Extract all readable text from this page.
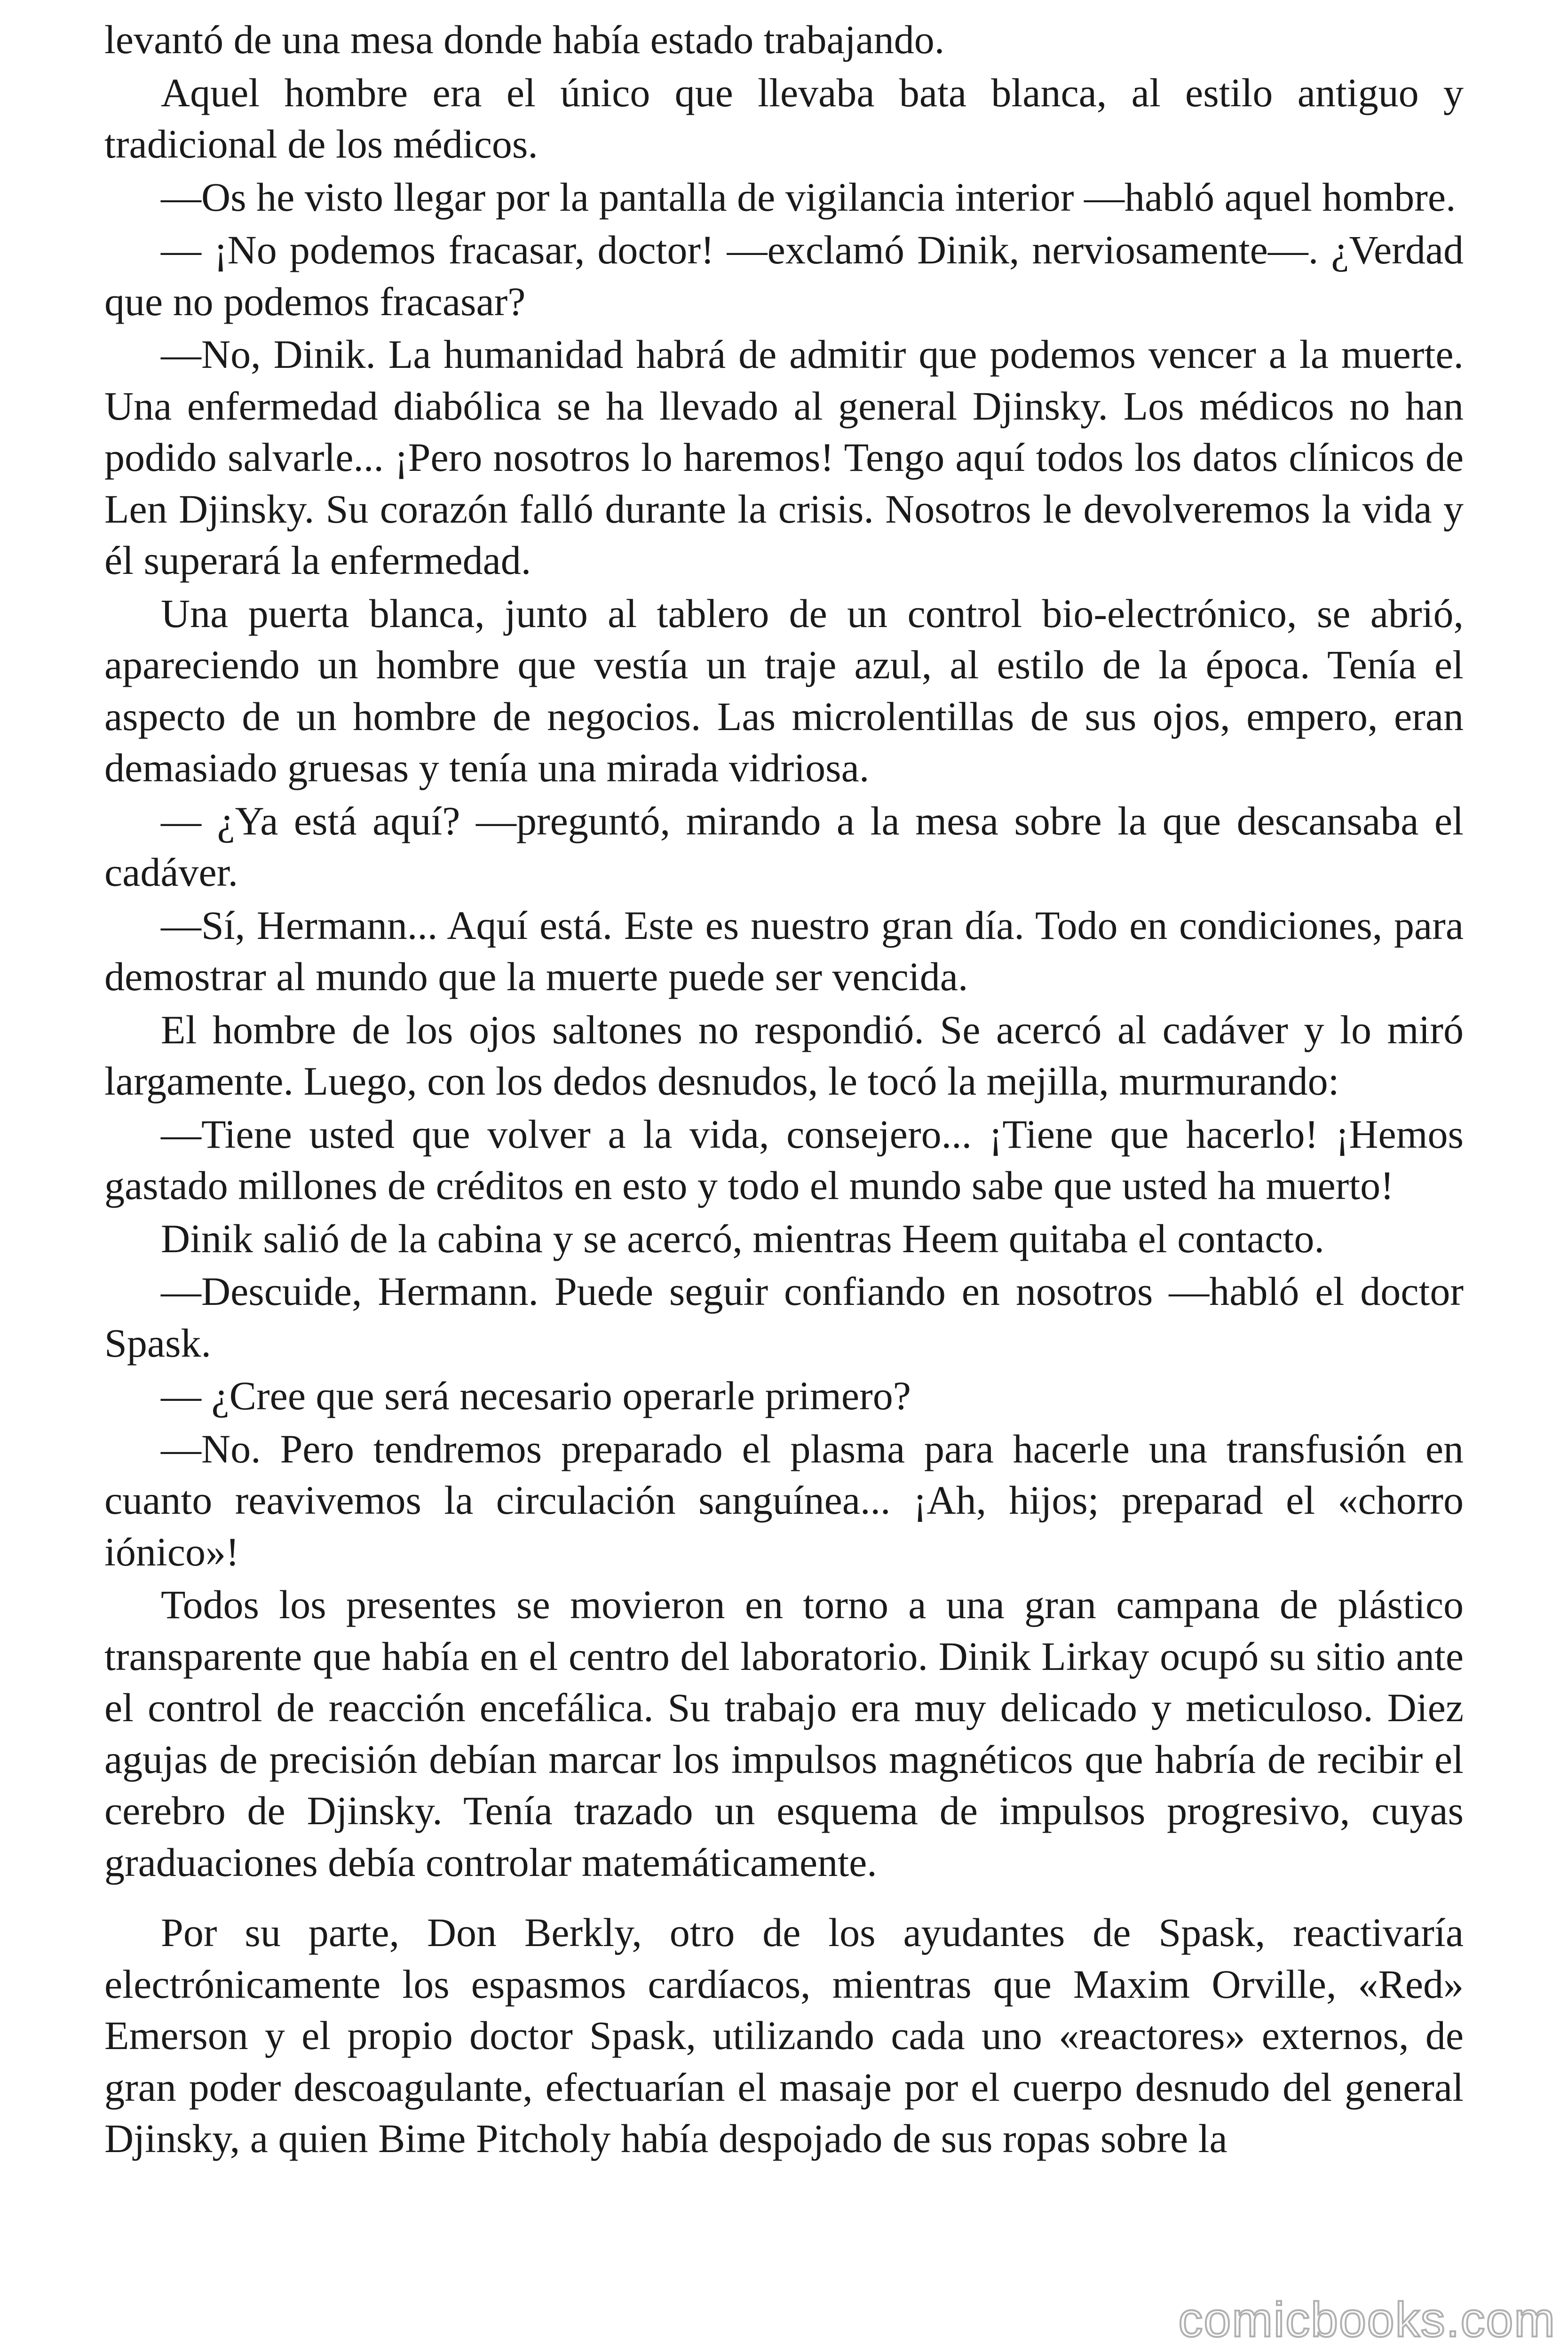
levantó de una mesa donde había estado trabajando.

Aquel hombre era el único que llevaba bata blanca, al estilo antiguo y tradicional de los médicos.

—Os he visto llegar por la pantalla de vigilancia interior —habló aquel hombre.

— ¡No podemos fracasar, doctor! —exclamó Dinik, nerviosamente—. ¿Verdad que no podemos fracasar?

—No, Dinik. La humanidad habrá de admitir que podemos vencer a la muerte. Una enfermedad diabólica se ha llevado al general Djinsky. Los médicos no han podido salvarle... ¡Pero nosotros lo haremos! Tengo aquí todos los datos clínicos de Len Djinsky. Su corazón falló durante la crisis. Nosotros le devolveremos la vida y él superará la enfermedad.

Una puerta blanca, junto al tablero de un control bio-electrónico, se abrió, apareciendo un hombre que vestía un traje azul, al estilo de la época. Tenía el aspecto de un hombre de negocios. Las microlentillas de sus ojos, empero, eran demasiado gruesas y tenía una mirada vidriosa.

— ¿Ya está aquí? —preguntó, mirando a la mesa sobre la que descansaba el cadáver.

—Sí, Hermann... Aquí está. Este es nuestro gran día. Todo en condiciones, para demostrar al mundo que la muerte puede ser vencida.

El hombre de los ojos saltones no respondió. Se acercó al cadáver y lo miró largamente. Luego, con los dedos desnudos, le tocó la mejilla, murmurando:

—Tiene usted que volver a la vida, consejero... ¡Tiene que hacerlo! ¡Hemos gastado millones de créditos en esto y todo el mundo sabe que usted ha muerto!

Dinik salió de la cabina y se acercó, mientras Heem quitaba el contacto.

—Descuide, Hermann. Puede seguir confiando en nosotros —habló el doctor Spask.

— ¿Cree que será necesario operarle primero?

—No. Pero tendremos preparado el plasma para hacerle una transfusión en cuanto reavivemos la circulación sanguínea... ¡Ah, hijos; preparad el «chorro iónico»!

Todos los presentes se movieron en torno a una gran campana de plástico transparente que había en el centro del laboratorio. Dinik Lirkay ocupó su sitio ante el control de reacción encefálica. Su trabajo era muy delicado y meticuloso. Diez agujas de precisión debían marcar los impulsos magnéticos que habría de recibir el cerebro de Djinsky. Tenía trazado un esquema de impulsos progresivo, cuyas graduaciones debía controlar matemáticamente.

Por su parte, Don Berkly, otro de los ayudantes de Spask, reactivaría electrónicamente los espasmos cardíacos, mientras que Maxim Orville, «Red» Emerson y el propio doctor Spask, utilizando cada uno «reactores» externos, de gran poder descoagulante, efectuarían el masaje por el cuerpo desnudo del general Djinsky, a quien Bime Pitcholy había despojado de sus ropas sobre la

comicbooks.com
